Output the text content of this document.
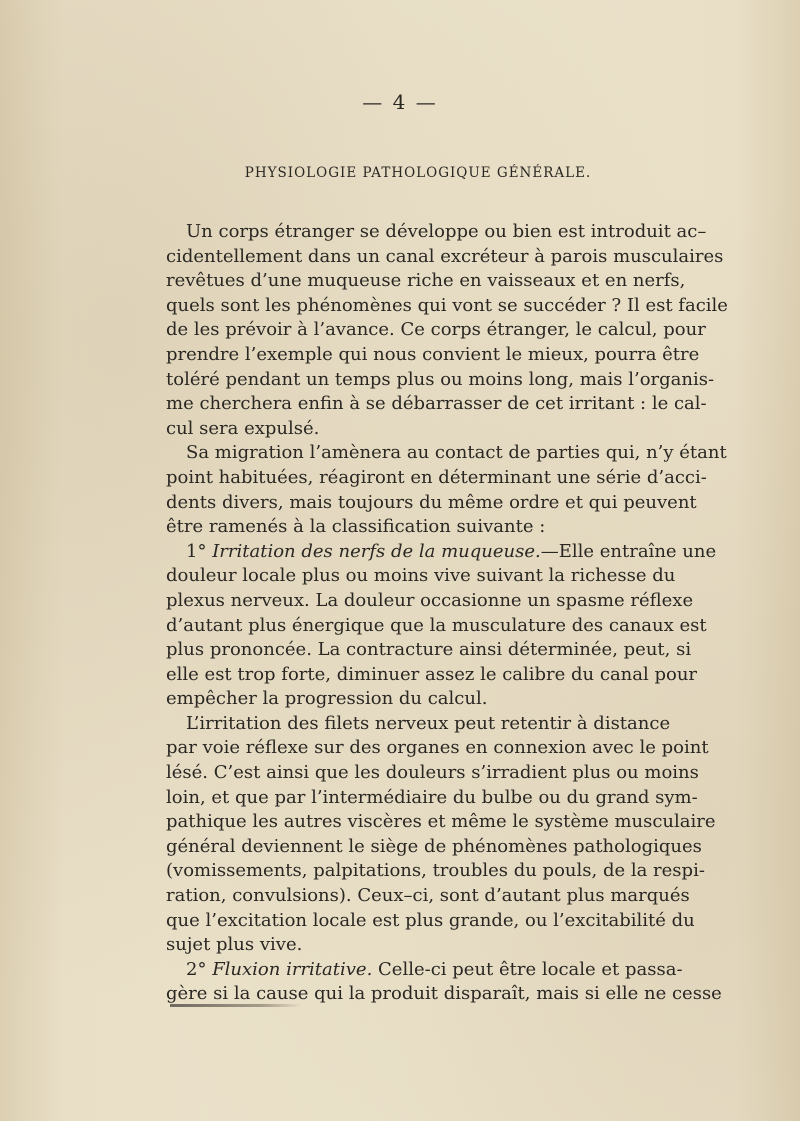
— 4 —
PHYSIOLOGIE PATHOLOGIQUE GÉNÉRALE.
Un corps étranger se développe ou bien est introduit ac–
cidentellement dans un canal excréteur à parois musculaires
revêtues d’une muqueuse riche en vaisseaux et en nerfs,
quels sont les phénomènes qui vont se succéder ? Il est facile
de les prévoir à l’avance. Ce corps étranger, le calcul, pour
prendre l’exemple qui nous convient le mieux, pourra être
toléré pendant un temps plus ou moins long, mais l’organis-
me cherchera enfin à se débarrasser de cet irritant : le cal-
cul sera expulsé.
Sa migration l’amènera au contact de parties qui, n’y étant
point habituées, réagiront en déterminant une série d’acci-
dents divers, mais toujours du même ordre et qui peuvent
être ramenés à la classification suivante :
1° Irritation des nerfs de la muqueuse.—Elle entraîne une
douleur locale plus ou moins vive suivant la richesse du
plexus nerveux. La douleur occasionne un spasme réflexe
d’autant plus énergique que la musculature des canaux est
plus prononcée. La contracture ainsi déterminée, peut, si
elle est trop forte, diminuer assez le calibre du canal pour
empêcher la progression du calcul.
L’irritation des filets nerveux peut retentir à distance
par voie réflexe sur des organes en connexion avec le point
lésé. C’est ainsi que les douleurs s’irradient plus ou moins
loin, et que par l’intermédiaire du bulbe ou du grand sym-
pathique les autres viscères et même le système musculaire
général deviennent le siège de phénomènes pathologiques
(vomissements, palpitations, troubles du pouls, de la respi-
ration, convulsions). Ceux–ci, sont d’autant plus marqués
que l’excitation locale est plus grande, ou l’excitabilité du
sujet plus vive.
2° Fluxion irritative. Celle-ci peut être locale et passa-
gère si la cause qui la produit disparaît, mais si elle ne cesse
